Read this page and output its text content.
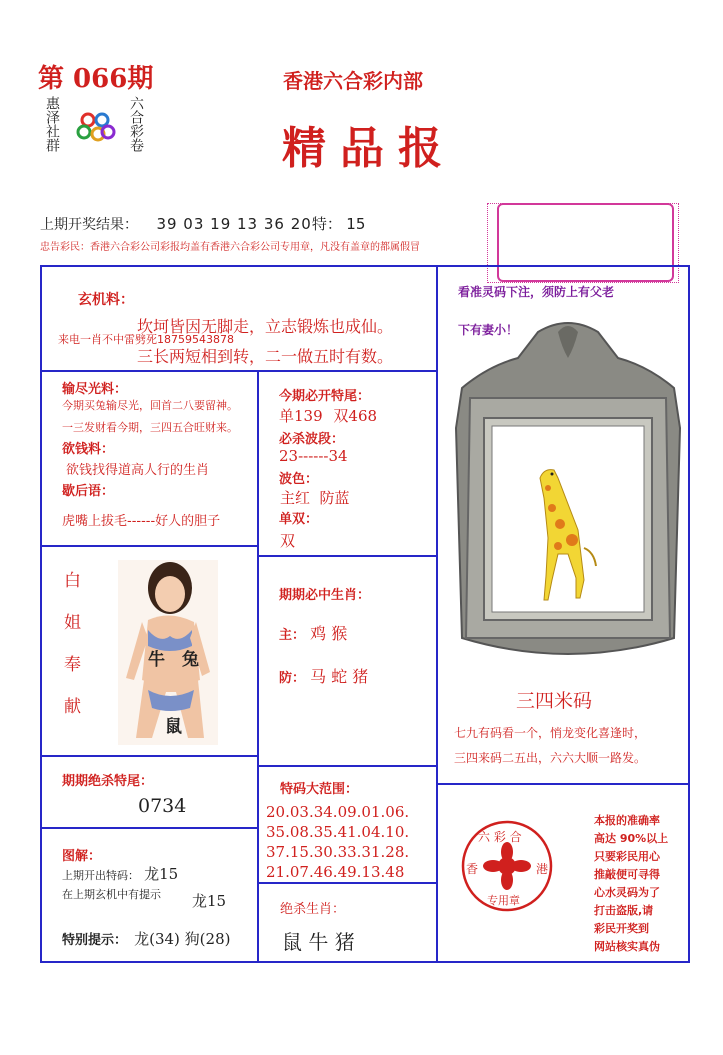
第 066期
惠泽社群	六合彩卷
香港六合彩内部
精品报
上期开奖结果： 39 03 19 13 36 20特： 15
忠告彩民：香港六合彩公司彩报均盖有香港六合彩公司专用章，凡没有盖章的都属假冒
玄机料：
坎坷皆因无脚走，立志锻炼也成仙。
来电一肖不中雷劈死18759543878
三长两短相到转，二一做五时有数。
输尽光料：
今期买兔输尽光，回首二八要留神。
一三发财看今期，三四五合旺财来。
欲钱料：
欲钱找得道高人行的生肖
歇后语：
虎嘴上拔毛------好人的胆子
今期必开特尾：
单139 双468
必杀波段：
23------34
波色：
主红  防蓝
单双：
双
白
姐
奉
献
牛 兔
鼠
期期必中生肖：
主： 鸡 猴
防： 马 蛇 猪
看准灵码下注，须防上有父老
下有妻小！
三四米码
七九有码看一个，悄龙变化喜逢时，
三四来码二五出，六六大顺一路发。
期期绝杀特尾：
0734
特码大范围：
20.03.34.09.01.06.
35.08.35.41.04.10.
37.15.30.33.31.28.
21.07.46.49.13.48
图解：
上期开出特码： 龙15
在上期玄机中有提示 龙15
特别提示： 龙(34) 狗(28)
绝杀生肖：
鼠 牛 猪
六 彩 合
香	港
专用章
本报的准确率
高达 90%以上
只要彩民用心
推敲便可寻得
心水灵码为了
打击盗版,请
彩民开奖到
网站核实真伪
